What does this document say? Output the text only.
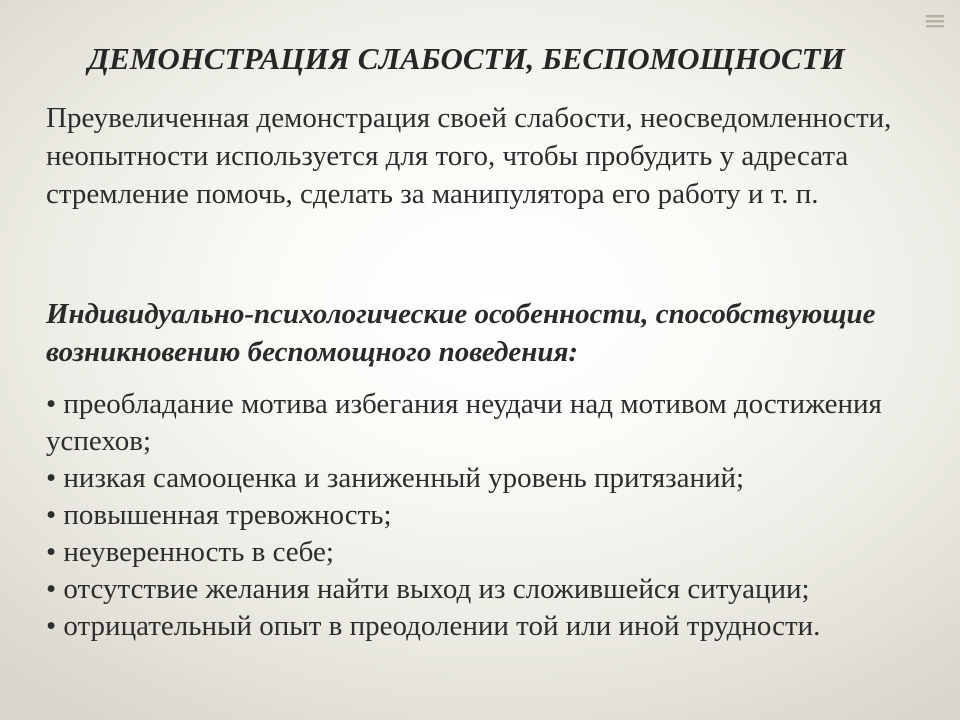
ДЕМОНСТРАЦИЯ СЛАБОСТИ, БЕСПОМОЩНОСТИ

Преувеличенная демонстрация своей слабости, неосведомленности, неопытности используется для того, чтобы пробудить у адресата стремление помочь, сделать за манипулятора его работу и т. п.

Индивидуально-психологические особенности, способствующие возникновению беспомощного поведения:

• преобладание мотива избегания неудачи над мотивом достижения успехов;
• низкая самооценка и заниженный уровень притязаний;
• повышенная тревожность;
• неуверенность в себе;
• отсутствие желания найти выход из сложившейся ситуации;
• отрицательный опыт в преодолении той или иной трудности.
